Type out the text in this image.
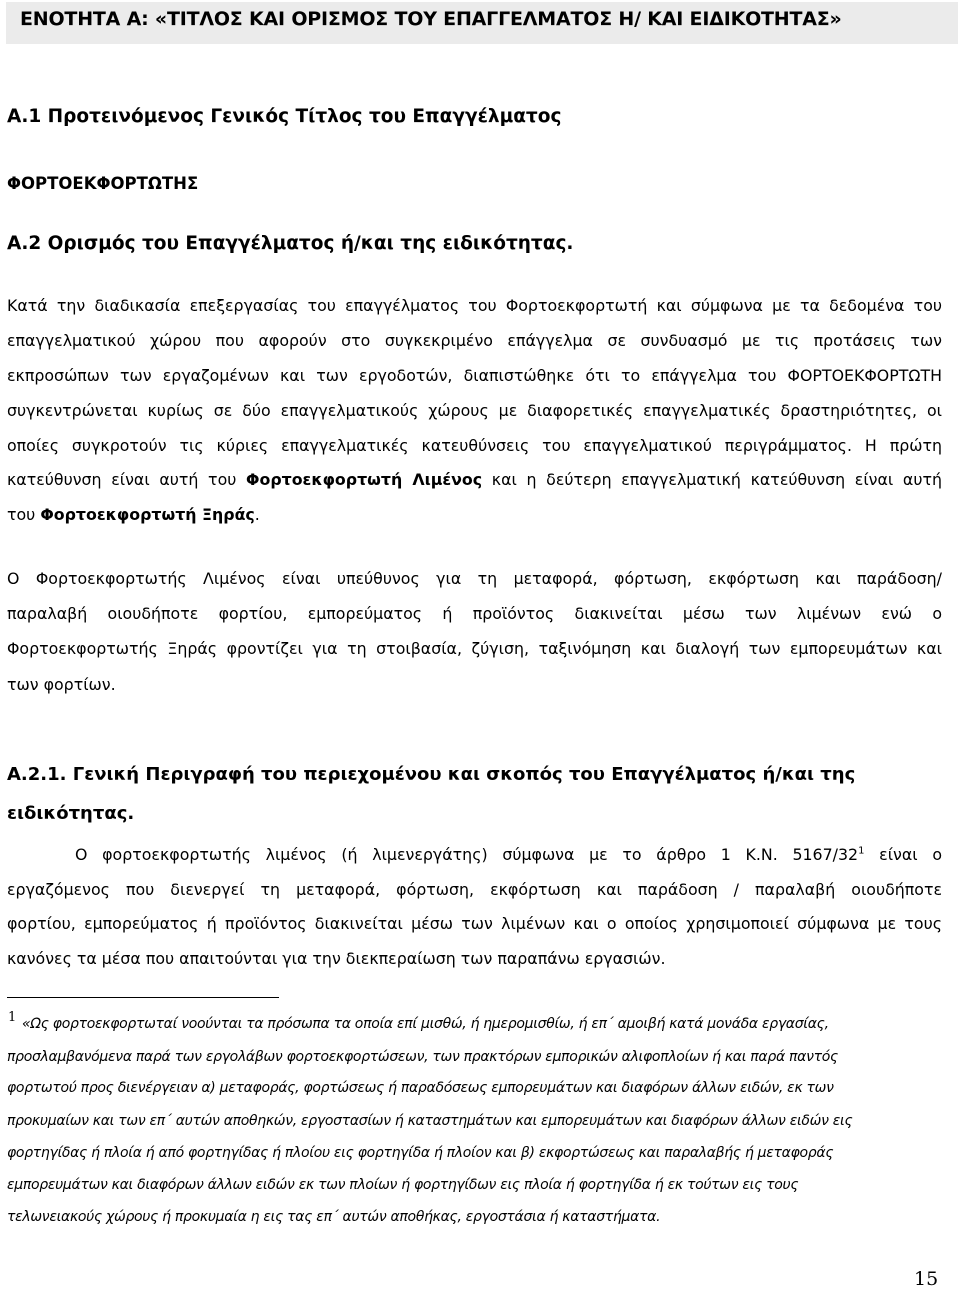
ΕΝΟΤΗΤΑ Α: «ΤΙΤΛΟΣ ΚΑΙ ΟΡΙΣΜΟΣ ΤΟΥ ΕΠΑΓΓΕΛΜΑΤΟΣ Η/ ΚΑΙ ΕΙΔΙΚΟΤΗΤΑΣ»
Α.1 Προτεινόμενος Γενικός Τίτλος του Επαγγέλματος
ΦΟΡΤΟΕΚΦΟΡΤΩΤΗΣ
Α.2 Ορισμός του Επαγγέλματος ή/και της ειδικότητας.
Κατά την διαδικασία επεξεργασίας του επαγγέλματος του Φορτοεκφορτωτή και σύμφωνα με τα δεδομένα του
επαγγελματικού χώρου που αφορούν στο συγκεκριμένο επάγγελμα σε συνδυασμό με τις προτάσεις των
εκπροσώπων των εργαζομένων και των εργοδοτών, διαπιστώθηκε ότι το επάγγελμα του ΦΟΡΤΟΕΚΦΟΡΤΩΤΗ
συγκεντρώνεται κυρίως σε δύο επαγγελματικούς χώρους με διαφορετικές επαγγελματικές δραστηριότητες, οι
οποίες συγκροτούν τις κύριες επαγγελματικές κατευθύνσεις του επαγγελματικού περιγράμματος. Η πρώτη
κατεύθυνση είναι αυτή του Φορτοεκφορτωτή Λιμένος και η δεύτερη επαγγελματική κατεύθυνση είναι αυτή
του Φορτοεκφορτωτή Ξηράς.
Ο Φορτοεκφορτωτής Λιμένος είναι υπεύθυνος για τη μεταφορά, φόρτωση, εκφόρτωση και παράδοση/
παραλαβή οιουδήποτε φορτίου, εμπορεύματος ή προϊόντος διακινείται μέσω των λιμένων ενώ ο
Φορτοεκφορτωτής Ξηράς φροντίζει για τη στοιβασία, ζύγιση, ταξινόμηση και διαλογή των εμπορευμάτων και
των φορτίων.
Α.2.1. Γενική Περιγραφή του περιεχομένου και σκοπός του Επαγγέλματος ή/και της
ειδικότητας.
Ο φορτοεκφορτωτής λιμένος (ή λιμενεργάτης) σύμφωνα με το άρθρο 1 Κ.Ν. $5167/32^1$ είναι ο
εργαζόμενος που διενεργεί τη μεταφορά, φόρτωση, εκφόρτωση και παράδοση / παραλαβή οιουδήποτε
φορτίου, εμπορεύματος ή προϊόντος διακινείται μέσω των λιμένων και ο οποίος χρησιμοποιεί σύμφωνα με τους
κανόνες τα μέσα που απαιτούνται για την διεκπεραίωση των παραπάνω εργασιών.
1 «Ως φορτοεκφορτωταί νοούνται τα πρόσωπα τα οποία επί μισθώ, ή ημερομισθίω, ή επ΄ αμοιβή κατά μονάδα εργασίας,
προσλαμβανόμενα παρά των εργολάβων φορτοεκφορτώσεων, των πρακτόρων εμπορικών αλιφοπλοίων ή και παρά παντός
φορτωτού προς διενέργειαν α) μεταφοράς, φορτώσεως ή παραδόσεως εμπορευμάτων και διαφόρων άλλων ειδών, εκ των
προκυμαίων και των επ΄ αυτών αποθηκών, εργοστασίων ή καταστημάτων και εμπορευμάτων και διαφόρων άλλων ειδών εις
φορτηγίδας ή πλοία ή από φορτηγίδας ή πλοίου εις φορτηγίδα ή πλοίον και β) εκφορτώσεως και παραλαβής ή μεταφοράς
εμπορευμάτων και διαφόρων άλλων ειδών εκ των πλοίων ή φορτηγίδων εις πλοία ή φορτηγίδα ή εκ τούτων εις τους
τελωνειακούς χώρους ή προκυμαία η εις τας επ΄ αυτών αποθήκας, εργοστάσια ή καταστήματα.
15
